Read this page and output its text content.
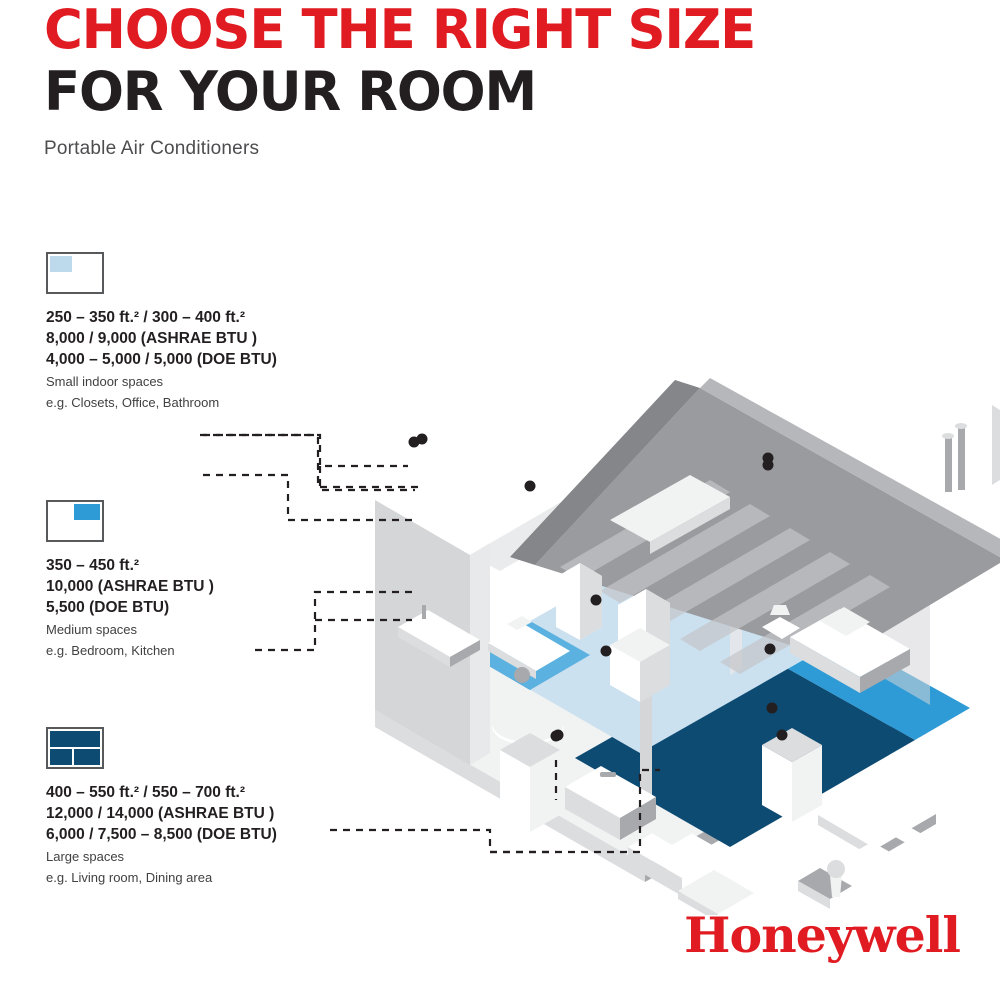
CHOOSE THE RIGHT SIZE
FOR YOUR ROOM
Portable Air Conditioners
250 – 350 ft.² / 300 – 400 ft.²
8,000 / 9,000 (ASHRAE BTU )
4,000 – 5,000 / 5,000 (DOE BTU)
Small indoor spaces
e.g. Closets, Office, Bathroom
350 – 450 ft.²
10,000 (ASHRAE BTU )
5,500 (DOE BTU)
Medium spaces
e.g. Bedroom, Kitchen
400 – 550 ft.² / 550 – 700 ft.²
12,000 / 14,000 (ASHRAE BTU )
6,000 / 7,500 – 8,500 (DOE BTU)
Large spaces
e.g. Living room, Dining area
Honeywell
